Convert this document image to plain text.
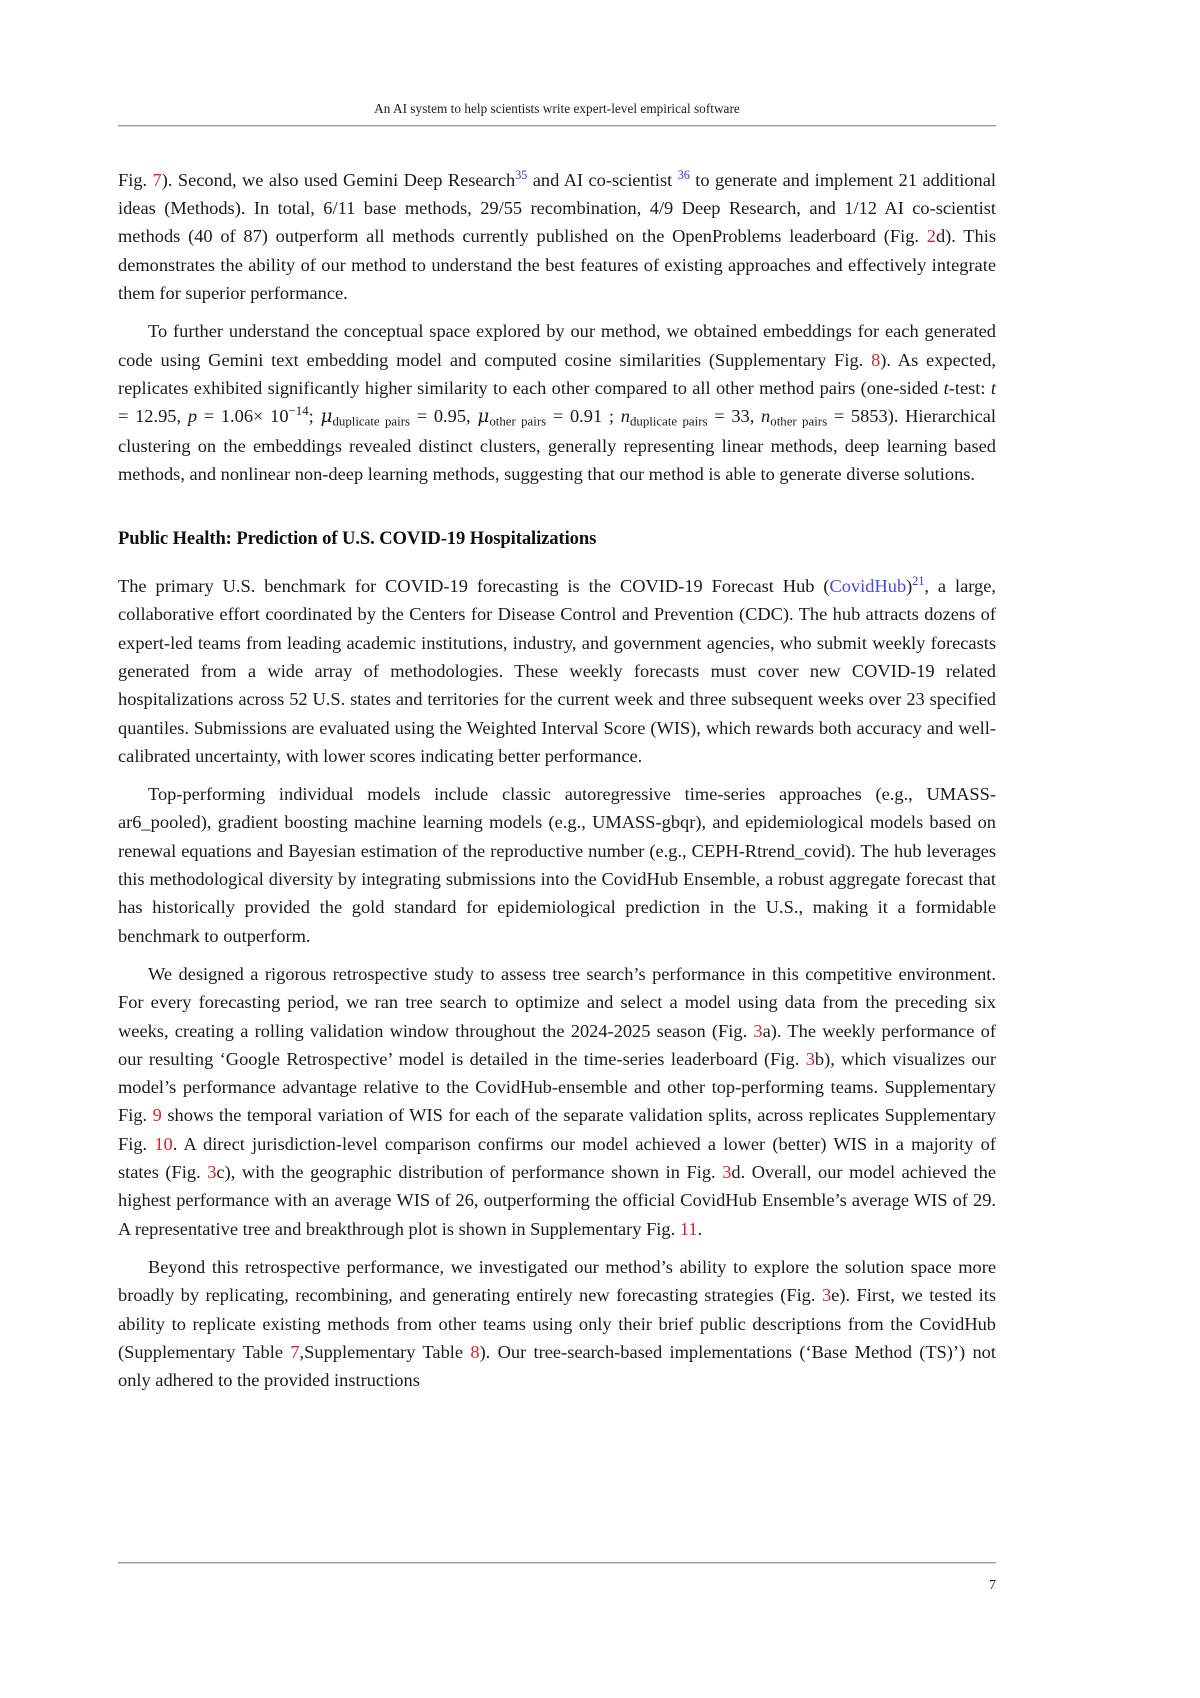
An AI system to help scientists write expert-level empirical software

Fig. 7). Second, we also used Gemini Deep Research$^{35}$ and AI co-scientist $^{36}$ to generate and implement 21 additional ideas (Methods). In total, 6/11 base methods, 29/55 recombination, 4/9 Deep Research, and 1/12 AI co-scientist methods (40 of 87) outperform all methods currently published on the OpenProblems leaderboard (Fig. 2d). This demonstrates the ability of our method to understand the best features of existing approaches and effectively integrate them for superior performance.

To further understand the conceptual space explored by our method, we obtained embeddings for each generated code using Gemini text embedding model and computed cosine similarities (Supplementary Fig. 8). As expected, replicates exhibited significantly higher similarity to each other compared to all other method pairs (one-sided t-test: t = 12.95, $p = 1.06\times 10^{-14}$; $\mu_{duplicate pairs} = 0.95$, $\mu_{other pairs} = 0.91$ ; $n_{duplicate pairs} = 33$, $n_{other pairs} = 5853$). Hierarchical clustering on the embeddings revealed distinct clusters, generally representing linear methods, deep learning based methods, and nonlinear non-deep learning methods, suggesting that our method is able to generate diverse solutions.

Public Health: Prediction of U.S. COVID-19 Hospitalizations

The primary U.S. benchmark for COVID-19 forecasting is the COVID-19 Forecast Hub (CovidHub)$^{21}$, a large, collaborative effort coordinated by the Centers for Disease Control and Prevention (CDC). The hub attracts dozens of expert-led teams from leading academic institutions, industry, and government agencies, who submit weekly forecasts generated from a wide array of methodologies. These weekly forecasts must cover new COVID-19 related hospitalizations across 52 U.S. states and territories for the current week and three subsequent weeks over 23 specified quantiles. Submissions are evaluated using the Weighted Interval Score (WIS), which rewards both accuracy and well-calibrated uncertainty, with lower scores indicating better performance.

Top-performing individual models include classic autoregressive time-series approaches (e.g., UMASS-ar6_pooled), gradient boosting machine learning models (e.g., UMASS-gbqr), and epidemiological models based on renewal equations and Bayesian estimation of the reproductive number (e.g., CEPH-Rtrend_covid). The hub leverages this methodological diversity by integrating submissions into the CovidHub Ensemble, a robust aggregate forecast that has historically provided the gold standard for epidemiological prediction in the U.S., making it a formidable benchmark to outperform.

We designed a rigorous retrospective study to assess tree search’s performance in this competitive environment. For every forecasting period, we ran tree search to optimize and select a model using data from the preceding six weeks, creating a rolling validation window throughout the 2024-2025 season (Fig. 3a). The weekly performance of our resulting ‘Google Retrospective’ model is detailed in the time-series leaderboard (Fig. 3b), which visualizes our model’s performance advantage relative to the CovidHub-ensemble and other top-performing teams. Supplementary Fig. 9 shows the temporal variation of WIS for each of the separate validation splits, across replicates Supplementary Fig. 10. A direct jurisdiction-level comparison confirms our model achieved a lower (better) WIS in a majority of states (Fig. 3c), with the geographic distribution of performance shown in Fig. 3d. Overall, our model achieved the highest performance with an average WIS of 26, outperforming the official CovidHub Ensemble’s average WIS of 29. A representative tree and breakthrough plot is shown in Supplementary Fig. 11.

Beyond this retrospective performance, we investigated our method’s ability to explore the solution space more broadly by replicating, recombining, and generating entirely new forecasting strategies (Fig. 3e). First, we tested its ability to replicate existing methods from other teams using only their brief public descriptions from the CovidHub (Supplementary Table 7,Supplementary Table 8). Our tree-search-based implementations (‘Base Method (TS)’) not only adhered to the provided instructions

7
